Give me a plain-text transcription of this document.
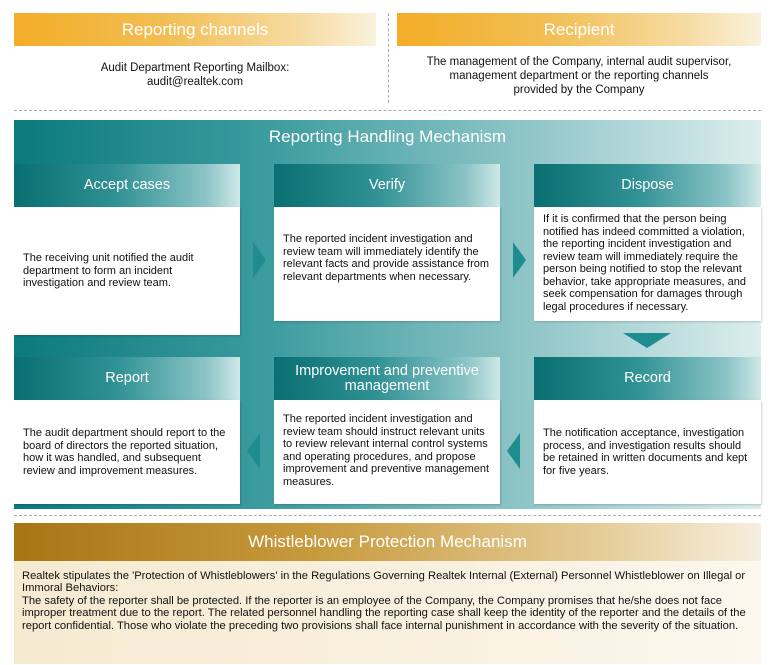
Reporting channels
Audit Department Reporting Mailbox:
audit@realtek.com
Recipient
The management of the Company, internal audit supervisor,
management department or the reporting channels
provided by the Company
Reporting Handling Mechanism
Accept cases
The receiving unit notified the audit department to form an incident investigation and review team.
Verify
The reported incident investigation and review team will immediately identify the relevant facts and provide assistance from relevant departments when necessary.
Dispose
If it is confirmed that the person being notified has indeed committed a violation, the reporting incident investigation and review team will immediately require the person being notified to stop the relevant behavior, take appropriate measures, and seek compensation for damages through legal procedures if necessary.
Report
The audit department should report to the board of directors the reported situation, how it was handled, and subsequent review and improvement measures.
Improvement and preventive management
The reported incident investigation and review team should instruct relevant units to review relevant internal control systems and operating procedures, and propose improvement and preventive management measures.
Record
The notification acceptance, investigation process, and investigation results should be retained in written documents and kept for five years.
Whistleblower Protection Mechanism

Realtek stipulates the 'Protection of Whistleblowers' in the Regulations Governing Realtek Internal (External) Personnel Whistleblower on Illegal or Immoral Behaviors:

The safety of the reporter shall be protected. If the reporter is an employee of the Company, the Company promises that he/she does not face improper treatment due to the report. The related personnel handling the reporting case shall keep the identity of the reporter and the details of the report confidential. Those who violate the preceding two provisions shall face internal punishment in accordance with the severity of the situation.
